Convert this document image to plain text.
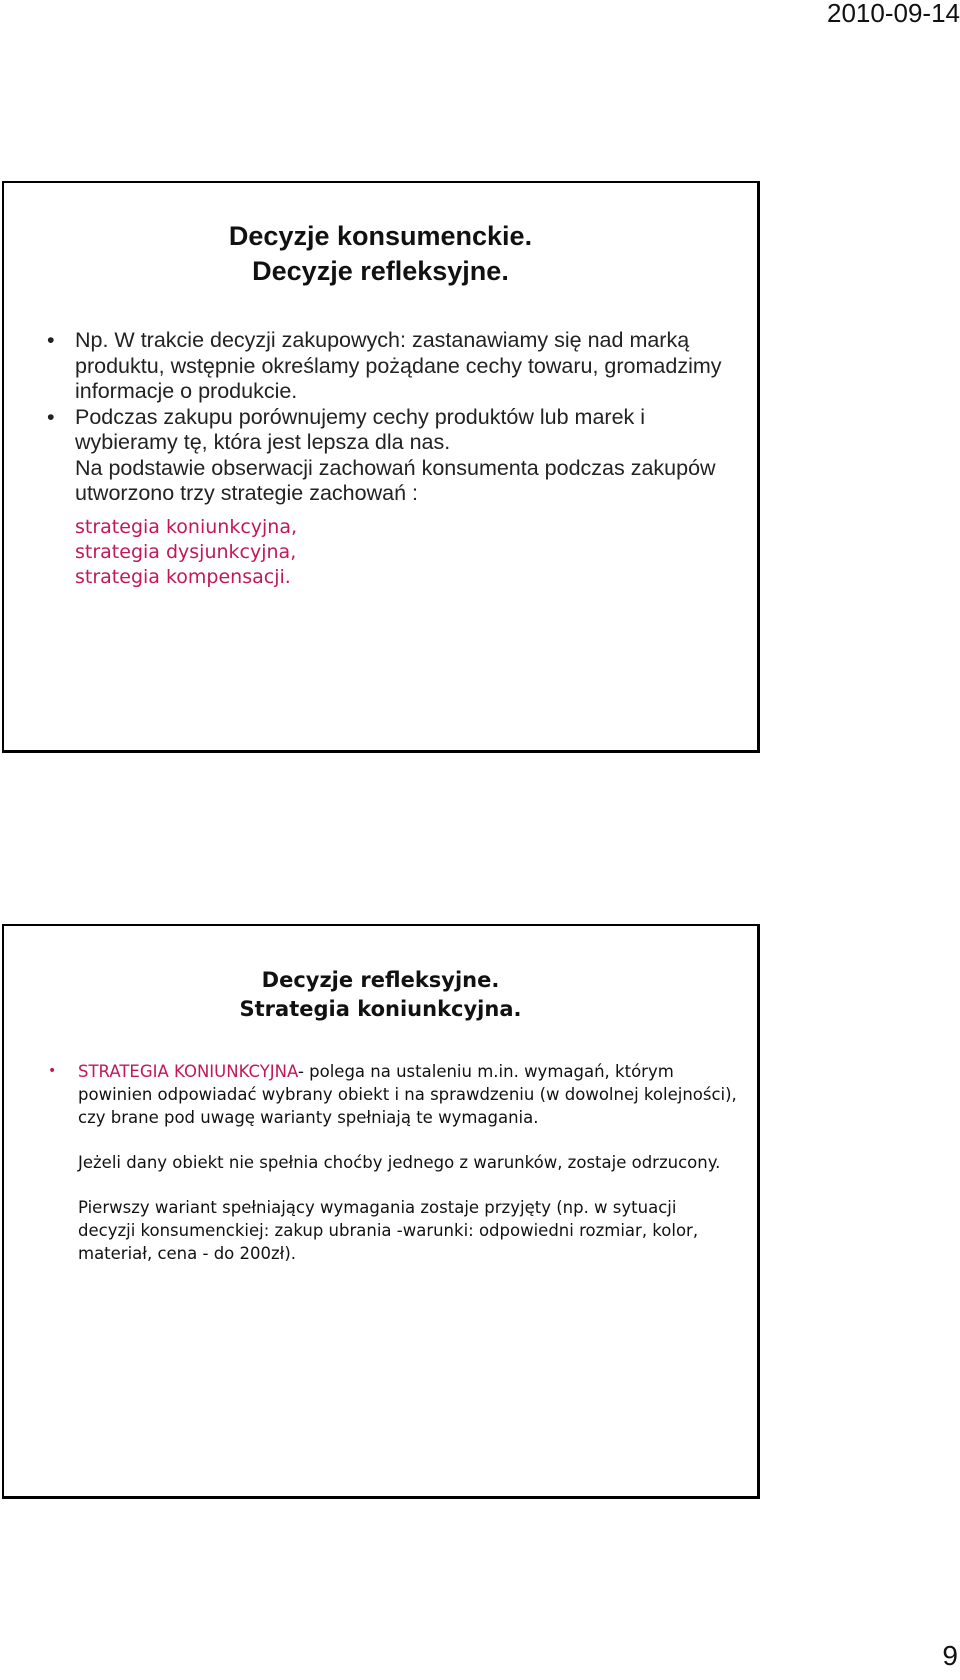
2010-09-14
Decyzje konsumenckie.
Decyzje refleksyjne.
• Np. W trakcie decyzji zakupowych: zastanawiamy się nad marką produktu, wstępnie określamy pożądane cechy towaru, gromadzimy informacje o produkcie.
• Podczas zakupu porównujemy cechy produktów lub marek i wybieramy tę, która jest lepsza dla nas.
Na podstawie obserwacji zachowań konsumenta podczas zakupów utworzono trzy strategie zachowań :
strategia koniunkcyjna,
strategia dysjunkcyjna,
strategia kompensacji.
Decyzje refleksyjne.
Strategia koniunkcyjna.
• STRATEGIA KONIUNKCYJNA- polega na ustaleniu m.in. wymagań, którym powinien odpowiadać wybrany obiekt i na sprawdzeniu (w dowolnej kolejności), czy brane pod uwagę warianty spełniają te wymagania.

Jeżeli dany obiekt nie spełnia choćby jednego z warunków, zostaje odrzucony.

Pierwszy wariant spełniający wymagania zostaje przyjęty (np. w sytuacji decyzji konsumenckiej: zakup ubrania -warunki: odpowiedni rozmiar, kolor, materiał, cena - do 200zł).

9
